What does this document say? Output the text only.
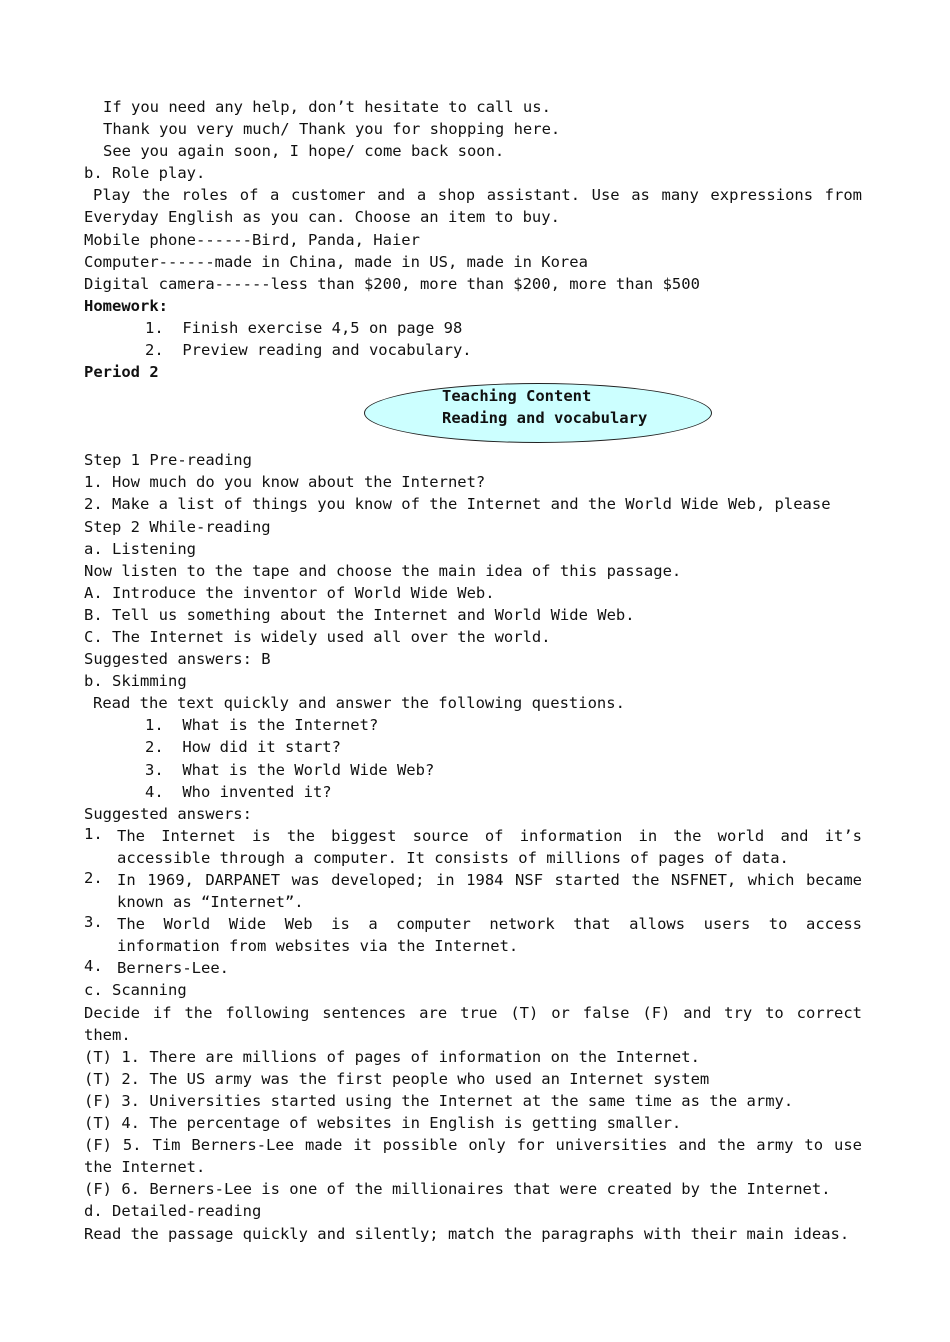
If you need any help, don’t hesitate to call us.
Thank you very much/ Thank you for shopping here.
See you again soon, I hope/ come back soon.
b. Role play.
Play the roles of a customer and a shop assistant. Use as many expressions from Everyday English as you can. Choose an item to buy.
Mobile phone------Bird, Panda, Haier
Computer------made in China, made in US, made in Korea
Digital camera------less than $200, more than $200, more than $500
Homework:
1.  Finish exercise 4,5 on page 98
2.  Preview reading and vocabulary.
Period 2
Teaching Content
Reading and vocabulary
Step 1 Pre-reading
1. How much do you know about the Internet?
2. Make a list of things you know of the Internet and the World Wide Web, please
Step 2 While-reading
a. Listening
Now listen to the tape and choose the main idea of this passage.
A. Introduce the inventor of World Wide Web.
B. Tell us something about the Internet and World Wide Web.
C. The Internet is widely used all over the world.
Suggested answers: B
b. Skimming
Read the text quickly and answer the following questions.
1.  What is the Internet?
2.  How did it start?
3.  What is the World Wide Web?
4.  Who invented it?
Suggested answers:
1. The Internet is the biggest source of information in the world and it’s accessible through a computer. It consists of millions of pages of data.
2. In 1969, DARPANET was developed; in 1984 NSF started the NSFNET, which became known as “Internet”.
3. The World Wide Web is a computer network that allows users to access information from websites via the Internet.
4. Berners-Lee.
c. Scanning
Decide if the following sentences are true (T) or false (F) and try to correct them.
(T) 1. There are millions of pages of information on the Internet.
(T) 2. The US army was the first people who used an Internet system
(F) 3. Universities started using the Internet at the same time as the army.
(T) 4. The percentage of websites in English is getting smaller.
(F) 5. Tim Berners-Lee made it possible only for universities and the army to use the Internet.
(F) 6. Berners-Lee is one of the millionaires that were created by the Internet.
d. Detailed-reading
Read the passage quickly and silently; match the paragraphs with their main ideas.
